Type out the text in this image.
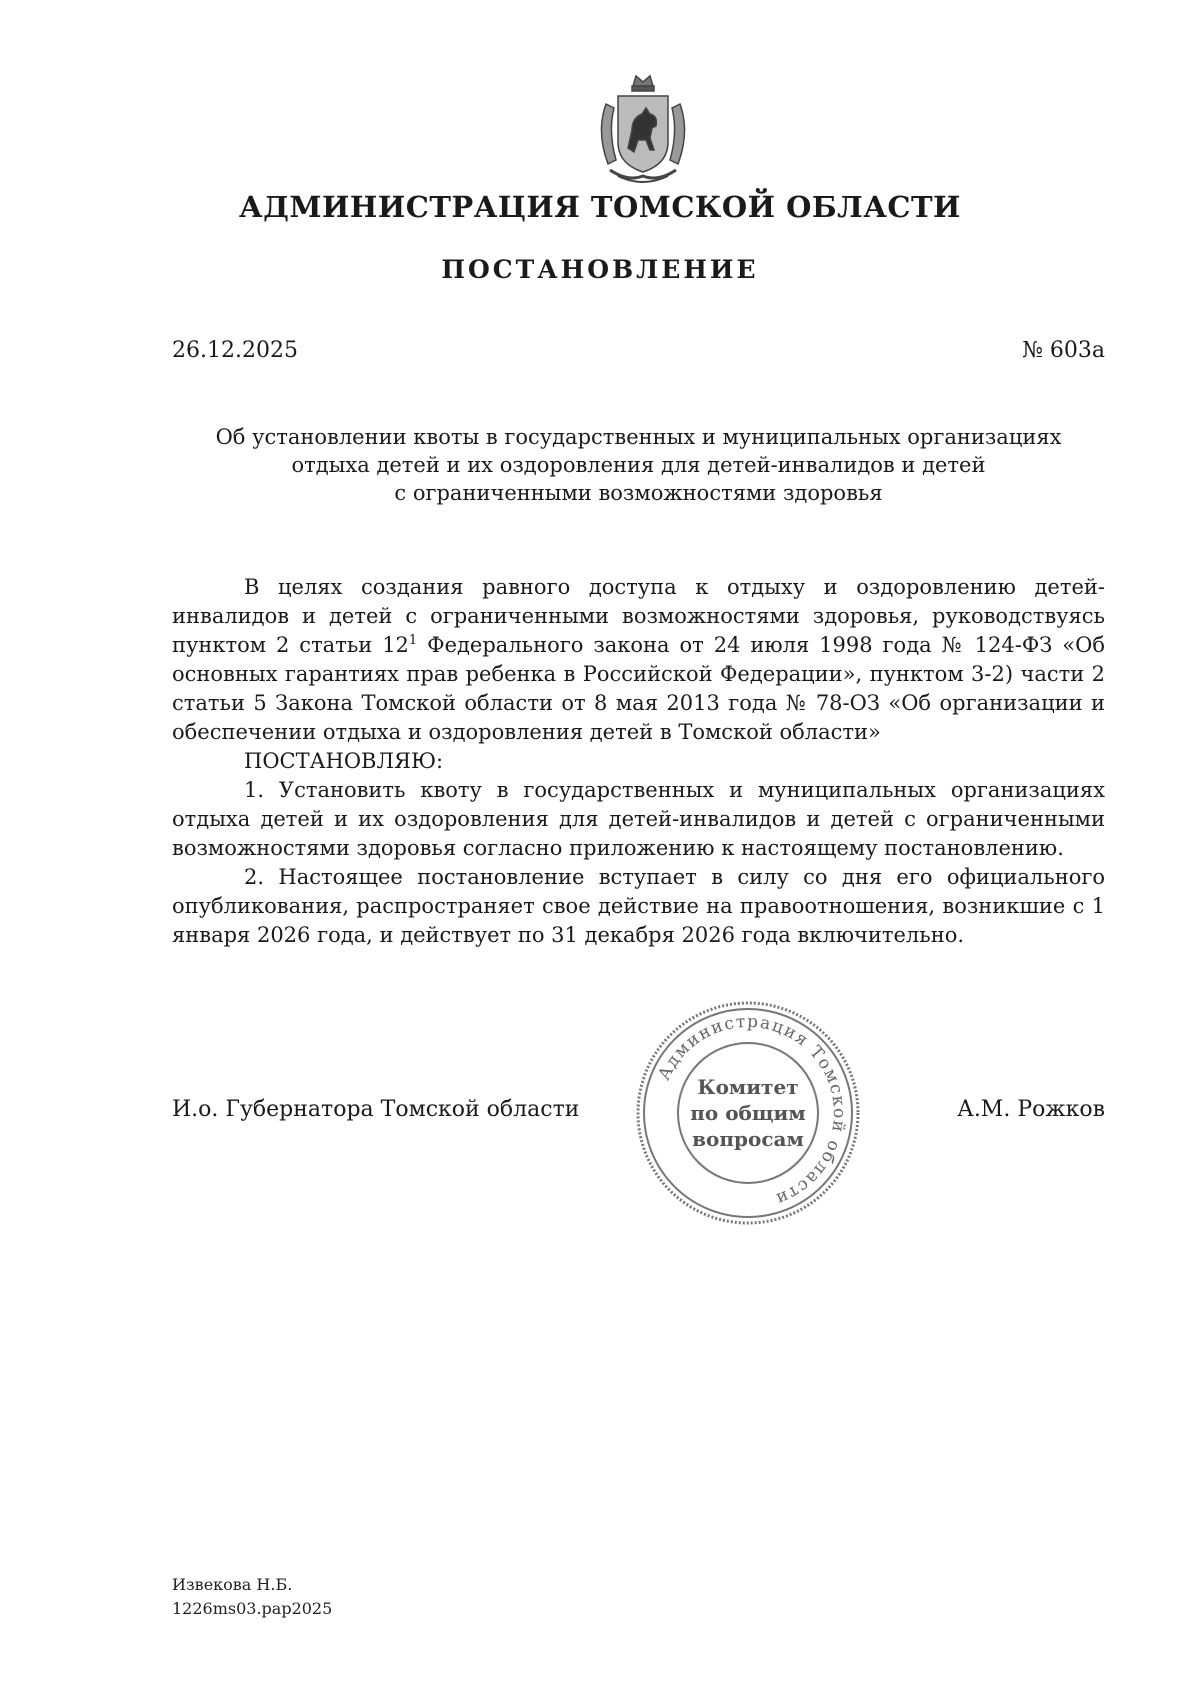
АДМИНИСТРАЦИЯ ТОМСКОЙ ОБЛАСТИ
ПОСТАНОВЛЕНИЕ
26.12.2025	№ 603а
Об установлении квоты в государственных и муниципальных организациях
отдыха детей и их оздоровления для детей-инвалидов и детей
с ограниченными возможностями здоровья

В целях создания равного доступа к отдыху и оздоровлению детей-инвалидов и детей с ограниченными возможностями здоровья, руководствуясь пунктом 2 статьи $12^1$ Федерального закона от 24 июля 1998 года № 124-ФЗ «Об основных гарантиях прав ребенка в Российской Федерации», пунктом 3-2) части 2 статьи 5 Закона Томской области от 8 мая 2013 года № 78-ОЗ «Об организации и обеспечении отдыха и оздоровления детей в Томской области»

ПОСТАНОВЛЯЮ:

1. Установить квоту в государственных и муниципальных организациях отдыха детей и их оздоровления для детей-инвалидов и детей с ограниченными возможностями здоровья согласно приложению к настоящему постановлению.

2. Настоящее постановление вступает в силу со дня его официального опубликования, распространяет свое действие на правоотношения, возникшие с 1 января 2026 года, и действует по 31 декабря 2026 года включительно.

И.о. Губернатора Томской области	А.М. Рожков
Администрация Томской области
Комитет
по общим
вопросам
Извекова Н.Б.
1226ms03.pap2025
